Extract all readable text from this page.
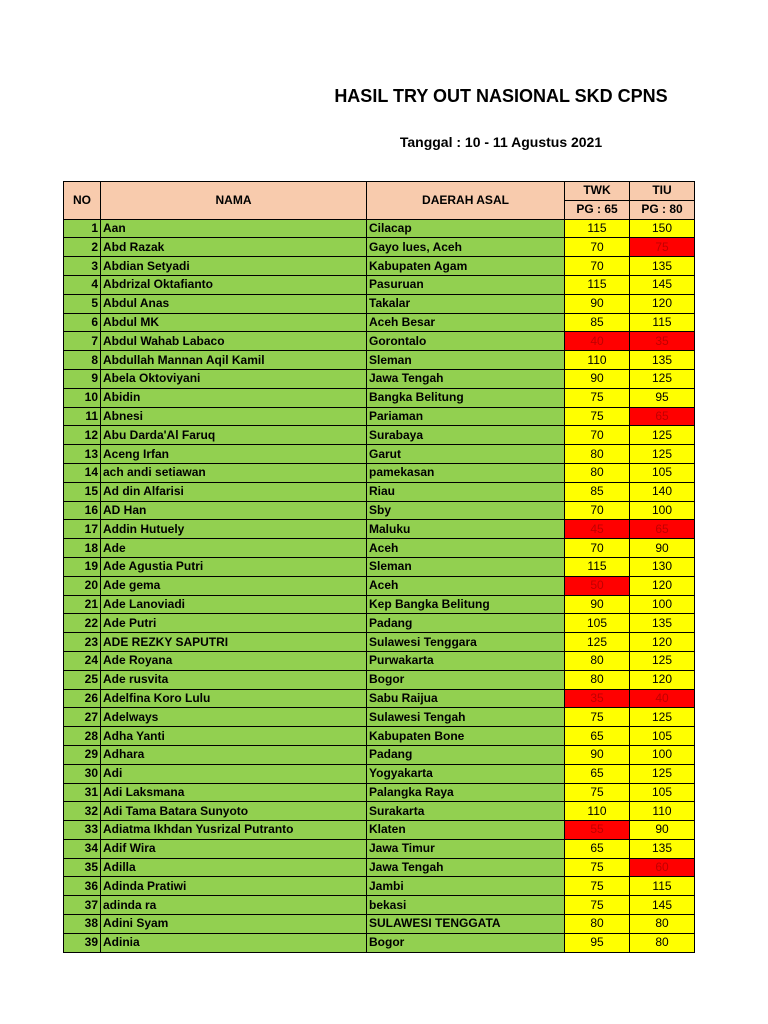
HASIL TRY OUT NASIONAL SKD CPNS
Tanggal : 10 - 11 Agustus 2021
NO	NAMA	DAERAH ASAL	TWK	TIU
			PG : 65	PG : 80
1	Aan	Cilacap	115	150
2	Abd Razak	Gayo lues, Aceh	70	75
3	Abdian Setyadi	Kabupaten Agam	70	135
4	Abdrizal Oktafianto	Pasuruan	115	145
5	Abdul Anas	Takalar	90	120
6	Abdul MK	Aceh Besar	85	115
7	Abdul Wahab Labaco	Gorontalo	40	35
8	Abdullah Mannan Aqil Kamil	Sleman	110	135
9	Abela Oktoviyani	Jawa Tengah	90	125
10	Abidin	Bangka Belitung	75	95
11	Abnesi	Pariaman	75	65
12	Abu Darda'Al Faruq	Surabaya	70	125
13	Aceng Irfan	Garut	80	125
14	ach andi setiawan	pamekasan	80	105
15	Ad din Alfarisi	Riau	85	140
16	AD Han	Sby	70	100
17	Addin Hutuely	Maluku	45	65
18	Ade	Aceh	70	90
19	Ade Agustia Putri	Sleman	115	130
20	Ade gema	Aceh	50	120
21	Ade Lanoviadi	Kep Bangka Belitung	90	100
22	Ade Putri	Padang	105	135
23	ADE REZKY SAPUTRI	Sulawesi Tenggara	125	120
24	Ade Royana	Purwakarta	80	125
25	Ade rusvita	Bogor	80	120
26	Adelfina Koro Lulu	Sabu Raijua	35	40
27	Adelways	Sulawesi Tengah	75	125
28	Adha Yanti	Kabupaten Bone	65	105
29	Adhara	Padang	90	100
30	Adi	Yogyakarta	65	125
31	Adi Laksmana	Palangka Raya	75	105
32	Adi Tama Batara Sunyoto	Surakarta	110	110
33	Adiatma Ikhdan Yusrizal Putranto	Klaten	55	90
34	Adif Wira	Jawa Timur	65	135
35	Adilla	Jawa Tengah	75	60
36	Adinda Pratiwi	Jambi	75	115
37	adinda ra	bekasi	75	145
38	Adini Syam	SULAWESI TENGGATA	80	80
39	Adinia	Bogor	95	80
